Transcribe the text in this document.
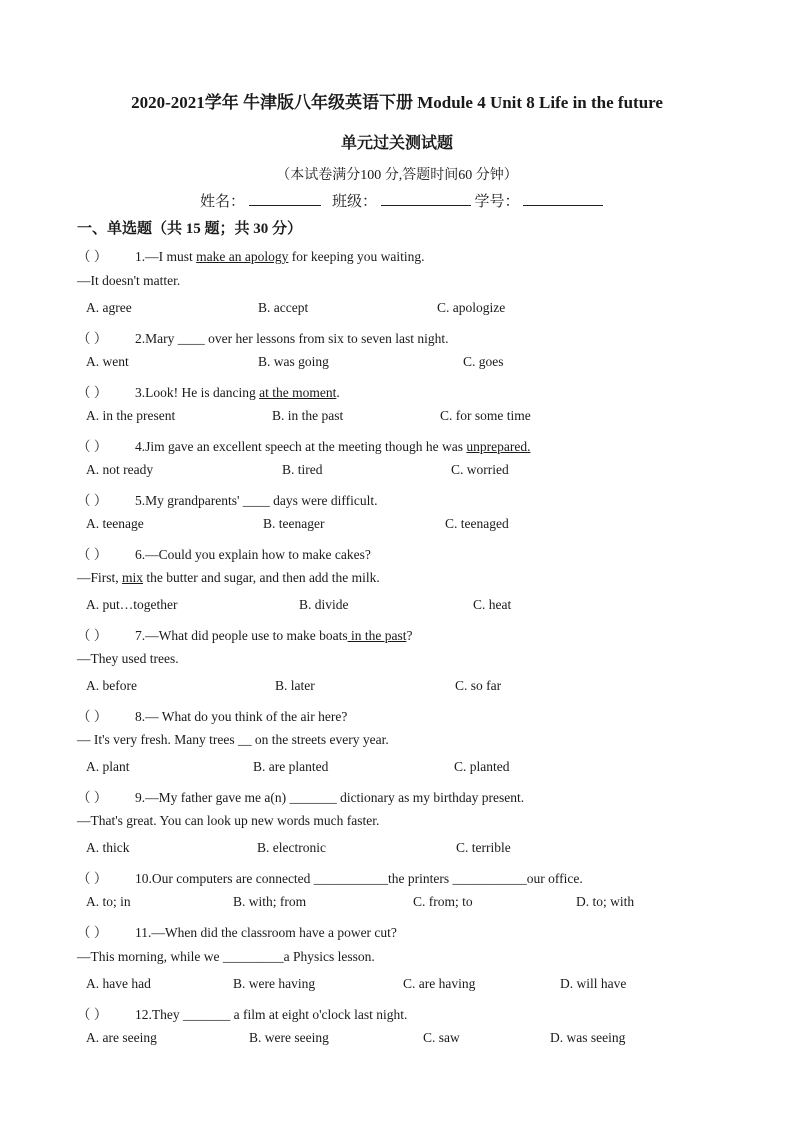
2020-2021学年 牛津版八年级英语下册 Module 4 Unit 8 Life in the future
单元过关测试题
（本试卷满分100 分,答题时间60 分钟）
姓名：	班级：	学号：
一、单选题（共 15 题；共 30 分）
（ ） 1.—I must make an apology for keeping you waiting.
—It doesn't matter.
A. agree	B. accept	C. apologize
（ ） 2.Mary ____ over her lessons from six to seven last night.
A. went	B. was going	C. goes
（ ） 3.Look! He is dancing at the moment.
A. in the present	B. in the past	C. for some time
（ ） 4.Jim gave an excellent speech at the meeting though he was unprepared.
A. not ready	B. tired	C. worried
（ ） 5.My grandparents' ____ days were difficult.
A. teenage	B. teenager	C. teenaged
（ ） 6.—Could you explain how to make cakes?
—First, mix the butter and sugar, and then add the milk.
A. put…together	B. divide	C. heat
（ ） 7.—What did people use to make boats in the past?
—They used trees.
A. before	B. later	C. so far
（ ） 8.— What do you think of the air here?
— It's very fresh. Many trees __ on the streets every year.
A. plant	B. are planted	C. planted
（ ） 9.—My father gave me a(n) _______ dictionary as my birthday present.
—That's great. You can look up new words much faster.
A. thick	B. electronic	C. terrible
（ ） 10.Our computers are connected ___________the printers ___________our office.
A. to; in	B. with; from	C. from; to	D. to; with
（ ） 11.—When did the classroom have a power cut?
—This morning, while we _________a Physics lesson.
A. have had	B. were having	C. are having	D. will have
（ ） 12.They _______ a film at eight o'clock last night.
A. are seeing	B. were seeing	C. saw	D. was seeing
